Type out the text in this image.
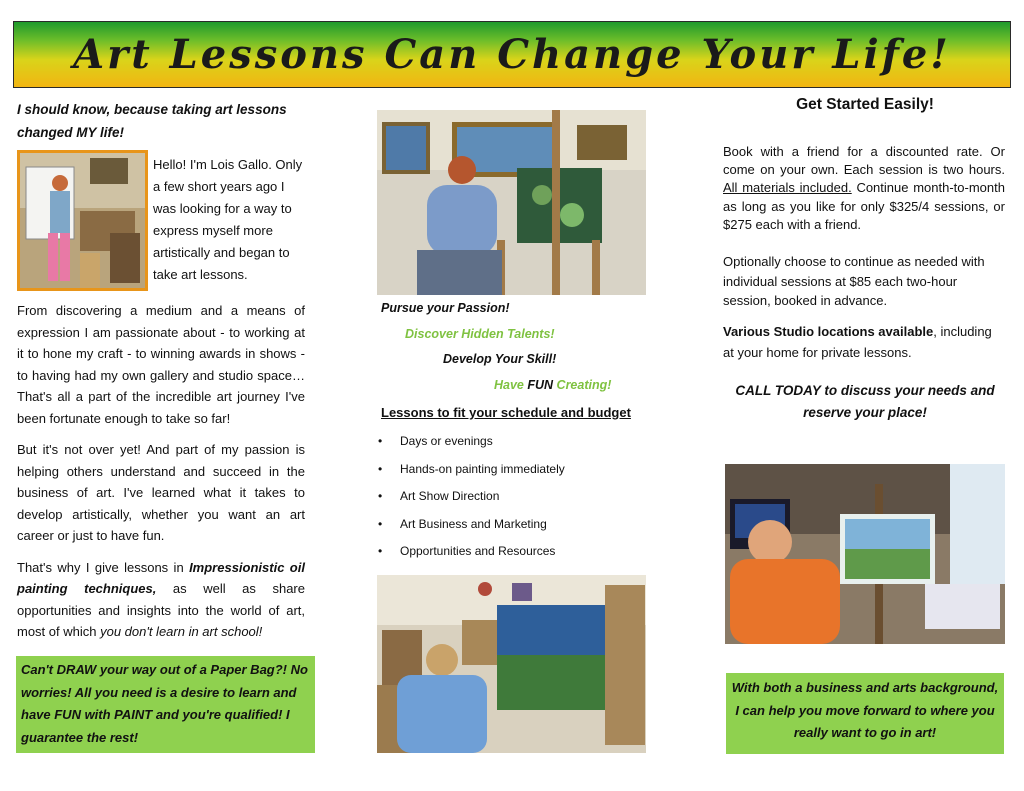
Art Lessons Can Change Your Life!
I should know, because taking art lessons changed MY life!

Hello! I'm Lois Gallo. Only a few short years ago I was looking for a way to express myself more artistically and began to take art lessons.

From discovering a medium and a means of expression I am passionate about - to working at it to hone my craft - to winning awards in shows - to having had my own gallery and studio space… That's all a part of the incredible art journey I've been fortunate enough to take so far!

But it's not over yet! And part of my passion is helping others understand and succeed in the business of art. I've learned what it takes to develop artistically, whether you want an art career or just to have fun.

That's why I give lessons in Impressionistic oil painting techniques, as well as share opportunities and insights into the world of art, most of which you don't learn in art school!

Can't DRAW your way out of a Paper Bag?! No worries! All you need is a desire to learn and have FUN with PAINT and you're qualified! I guarantee the rest!
Pursue your Passion!
Discover Hidden Talents!
Develop Your Skill!
Have FUN Creating!
Lessons to fit your schedule and budget
• Days or evenings
• Hands-on painting immediately
• Art Show Direction
• Art Business and Marketing
• Opportunities and Resources
Get Started Easily!

Book with a friend for a discounted rate. Or come on your own. Each session is two hours. All materials included. Continue month-to-month as long as you like for only $325/4 sessions, or $275 each with a friend.

Optionally choose to continue as needed with individual sessions at $85 each two-hour session, booked in advance.

Various Studio locations available, including at your home for private lessons.

CALL TODAY to discuss your needs and reserve your place!
With both a business and arts background, I can help you move forward to where you really want to go in art!
